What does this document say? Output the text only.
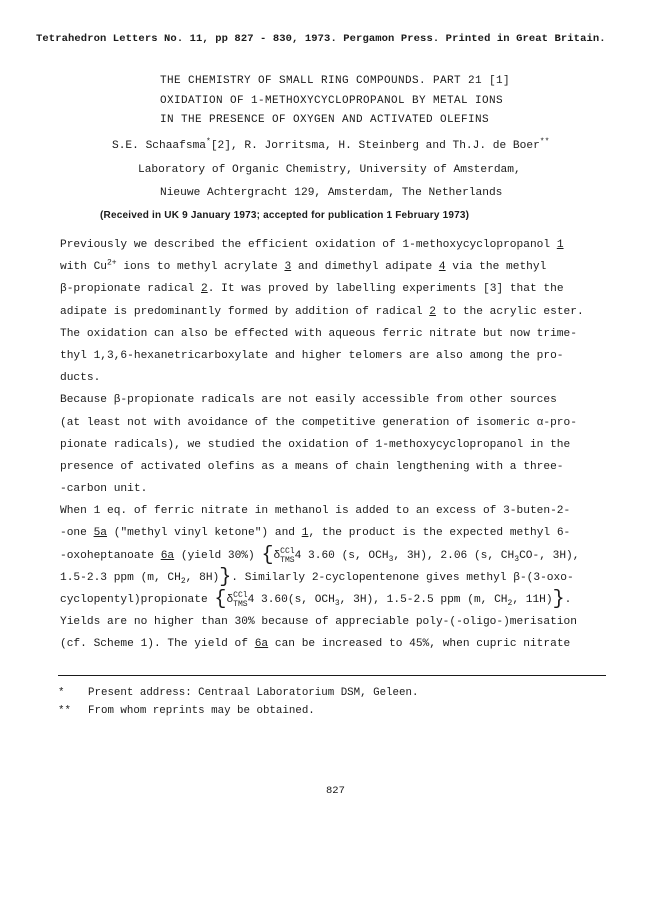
Tetrahedron Letters No. 11, pp 827 - 830, 1973. Pergamon Press. Printed in Great Britain.
THE CHEMISTRY OF SMALL RING COMPOUNDS. PART 21 [1]
OXIDATION OF 1-METHOXYCYCLOPROPANOL BY METAL IONS
IN THE PRESENCE OF OXYGEN AND ACTIVATED OLEFINS
S.E. Schaafsma*[2], R. Jorritsma, H. Steinberg and Th.J. de Boer**
Laboratory of Organic Chemistry, University of Amsterdam,
Nieuwe Achtergracht 129, Amsterdam, The Netherlands
(Received in UK 9 January 1973; accepted for publication 1 February 1973)
Previously we described the efficient oxidation of 1-methoxycyclopropanol 1
with $Cu^{2+}$ ions to methyl acrylate 3 and dimethyl adipate 4 via the methyl
β-propionate radical 2. It was proved by labelling experiments [3] that the
adipate is predominantly formed by addition of radical 2 to the acrylic ester.
The oxidation can also be effected with aqueous ferric nitrate but now trime-
thyl 1,3,6-hexanetricarboxylate and higher telomers are also among the pro-
ducts.
Because β-propionate radicals are not easily accessible from other sources
(at least not with avoidance of the competitive generation of isomeric α-pro-
pionate radicals), we studied the oxidation of 1-methoxycyclopropanol in the
presence of activated olefins as a means of chain lengthening with a three-
-carbon unit.
When 1 eq. of ferric nitrate in methanol is added to an excess of 3-buten-2-
-one 5a ("methyl vinyl ketone") and 1, the product is the expected methyl 6-
-oxoheptanoate 6a (yield 30%) {δ CCl
TMS 4 3.60 (s, $OCH_3$, 3H), 2.06 (s, $CH_3CO-$, 3H),
1.5-2.3 ppm (m, $CH_2$, 8H)}. Similarly 2-cyclopentenone gives methyl β-(3-oxo-
cyclopentyl)propionate {δ CCl
TMS 4 3.60(s, $OCH_3$, 3H), 1.5-2.5 ppm (m, $CH_2$, 11H)}.
Yields are no higher than 30% because of appreciable poly-(-oligo-)merisation
(cf. Scheme 1). The yield of 6a can be increased to 45%, when cupric nitrate
* Present address: Centraal Laboratorium DSM, Geleen.
** From whom reprints may be obtained.
827
